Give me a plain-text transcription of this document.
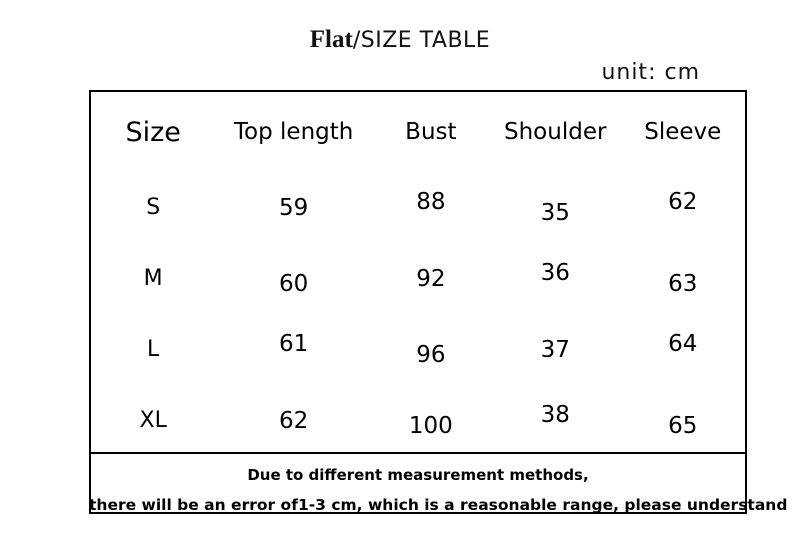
Flat/SIZE TABLE
unit: cm
Size	Top length	Bust	Shoulder	Sleeve
S	59	88	35	62
M	60	92	36	63
L	61	96	37	64
XL	62	100	38	65
Due to different measurement methods,
there will be an error of1-3 cm, which is a reasonable range, please understand
